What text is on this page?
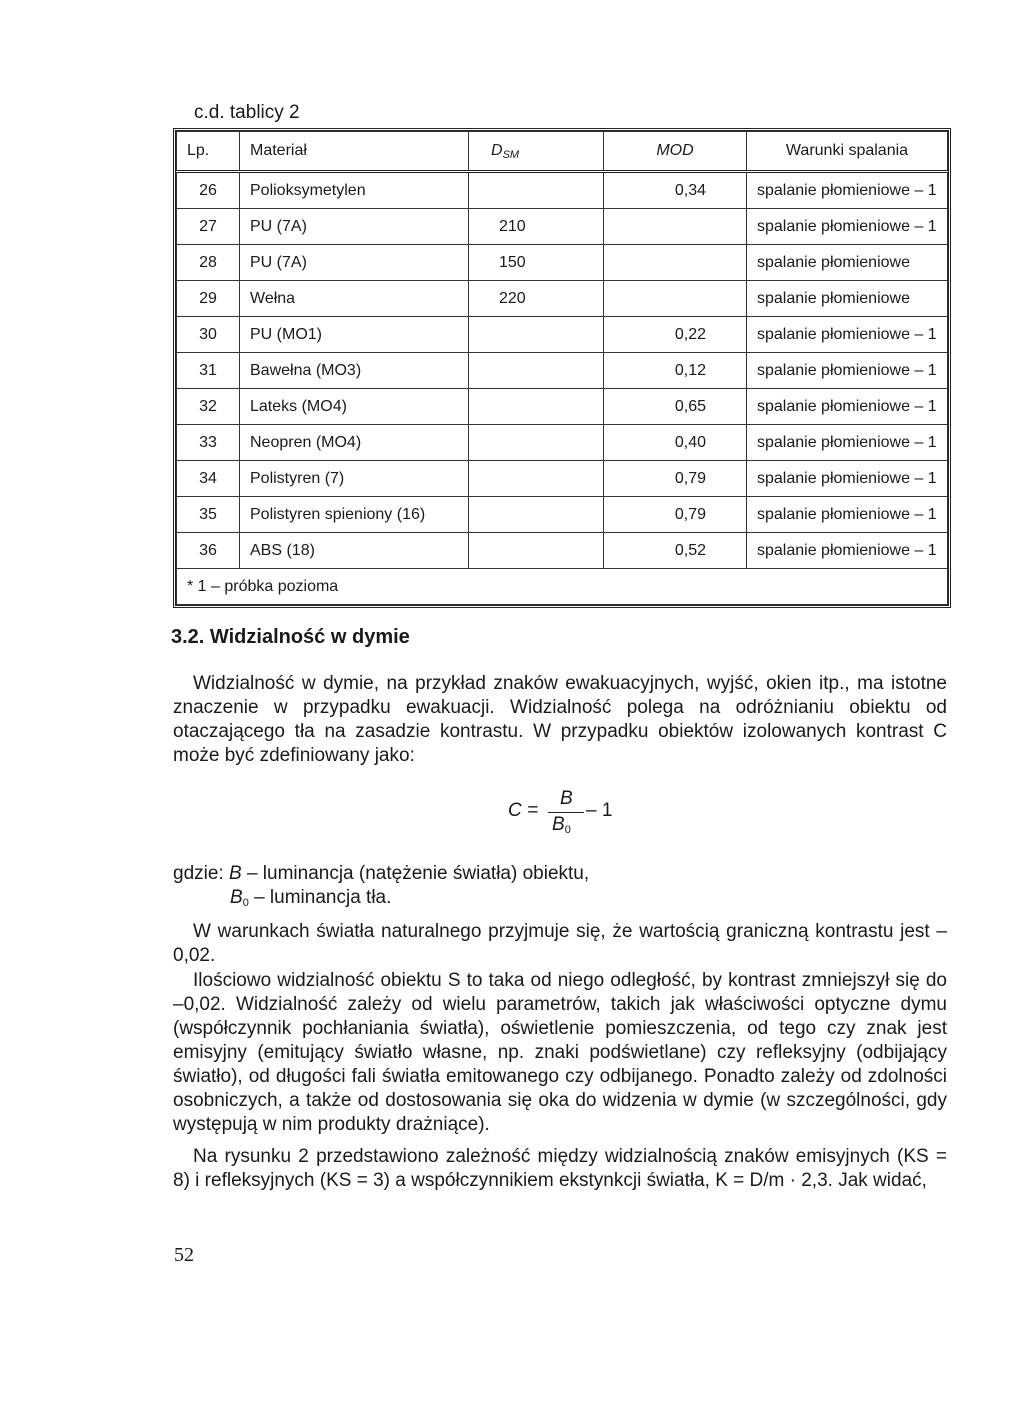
c.d. tablicy 2
Lp.	Materiał	$D_{SM}$	MOD	Warunki spalania
26	Polioksymetylen		0,34	spalanie płomieniowe – 1
27	PU (7A)	210		spalanie płomieniowe – 1
28	PU (7A)	150		spalanie płomieniowe
29	Wełna	220		spalanie płomieniowe
30	PU (MO1)		0,22	spalanie płomieniowe – 1
31	Bawełna (MO3)		0,12	spalanie płomieniowe – 1
32	Lateks (MO4)		0,65	spalanie płomieniowe – 1
33	Neopren (MO4)		0,40	spalanie płomieniowe – 1
34	Polistyren (7)		0,79	spalanie płomieniowe – 1
35	Polistyren spieniony (16)		0,79	spalanie płomieniowe – 1
36	ABS (18)		0,52	spalanie płomieniowe – 1
* 1 – próbka pozioma				
3.2. Widzialność w dymie

Widzialność w dymie, na przykład znaków ewakuacyjnych, wyjść, okien itp., ma istotne znaczenie w przypadku ewakuacji. Widzialność polega na odróżnianiu obiektu od otaczającego tła na zasadzie kontrastu. W przypadku obiektów izolowanych kontrast C może być zdefiniowany jako:

C =
B
$B_0$
– 1
gdzie: B – luminancja (natężenie światła) obiektu,
$B_0$ – luminancja tła.

W warunkach światła naturalnego przyjmuje się, że wartością graniczną kontrastu jest –0,02.

Ilościowo widzialność obiektu S to taka od niego odległość, by kontrast zmniejszył się do –0,02. Widzialność zależy od wielu parametrów, takich jak właściwości optyczne dymu (współczynnik pochłaniania światła), oświetlenie pomieszczenia, od tego czy znak jest emisyjny (emitujący światło własne, np. znaki podświetlane) czy refleksyjny (odbijający światło), od długości fali światła emitowanego czy odbijanego. Ponadto zależy od zdolności osobniczych, a także od dostosowania się oka do widzenia w dymie (w szczególności, gdy występują w nim produkty drażniące).

Na rysunku 2 przedstawiono zależność między widzialnością znaków emisyjnych (KS = 8) i refleksyjnych (KS = 3) a współczynnikiem ekstynkcji światła, K = D/m · 2,3. Jak widać,

52
